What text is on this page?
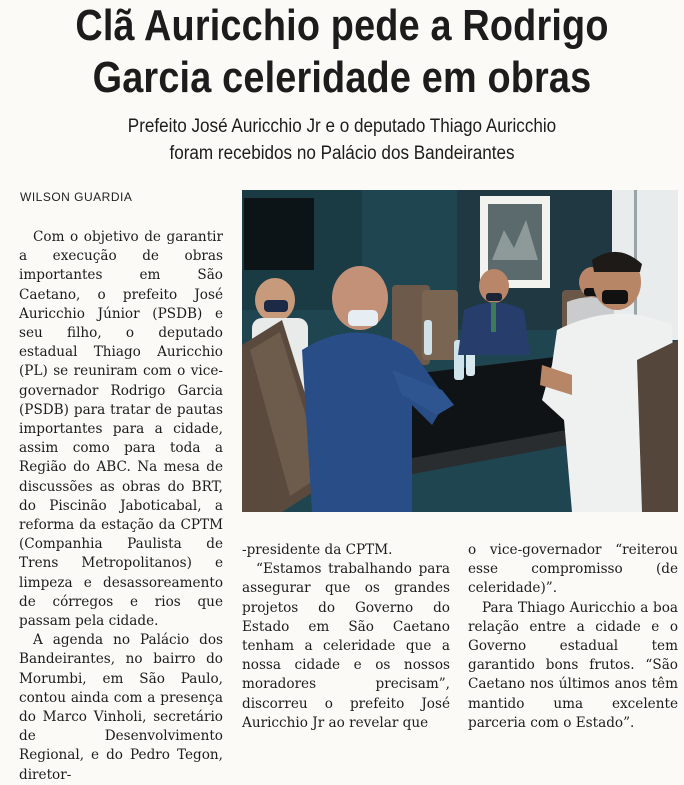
Clã Auricchio pede a Rodrigo
Garcia celeridade em obras
Prefeito José Auricchio Jr e o deputado Thiago Auricchio
foram recebidos no Palácio dos Bandeirantes
WILSON GUARDIA

Com o objetivo de garantir a execução de obras importantes em São Caetano, o prefeito José Auricchio Júnior (PSDB) e seu filho, o deputado estadual Thiago Auricchio (PL) se reuniram com o vice-governador Rodrigo Garcia (PSDB) para tratar de pautas importantes para a cidade, assim como para toda a Região do ABC. Na mesa de discussões as obras do BRT, do Piscinão Jaboticabal, a reforma da estação da CPTM (Companhia Paulista de Trens Metropolitanos) e limpeza e desassoreamento de córregos e rios que passam pela cidade.

A agenda no Palácio dos Bandeirantes, no bairro do Morumbi, em São Paulo, contou ainda com a presença do Marco Vinholi, secretário de Desenvolvimento Regional, e do Pedro Tegon, diretor-

-presidente da CPTM.

“Estamos trabalhando para assegurar que os grandes projetos do Governo do Estado em São Caetano tenham a celeridade que a nossa cidade e os nossos moradores precisam”, discorreu o prefeito José Auricchio Jr ao revelar que

o vice-governador “reiterou esse compromisso (de celeridade)”.

Para Thiago Auricchio a boa relação entre a cidade e o Governo estadual tem garantido bons frutos. “São Caetano nos últimos anos têm mantido uma excelente parceria com o Estado”.
